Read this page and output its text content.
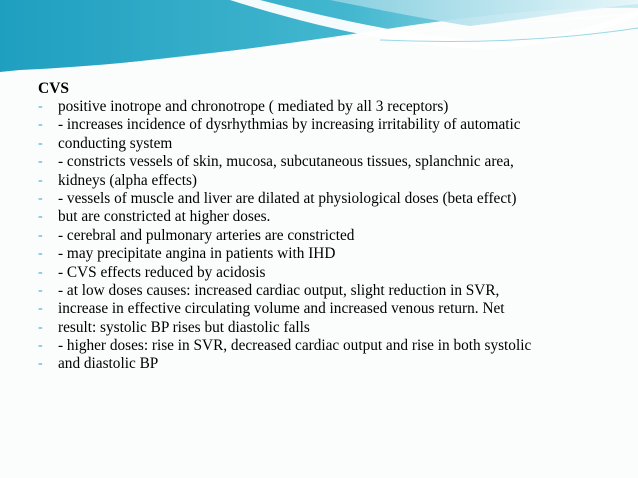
CVS
- positive inotrope and chronotrope ( mediated by all 3 receptors)
- - increases incidence of dysrhythmias by increasing irritability of automatic
- conducting system
- - constricts vessels of skin, mucosa, subcutaneous tissues, splanchnic area,
- kidneys (alpha effects)
- - vessels of muscle and liver are dilated at physiological doses (beta effect)
- but are constricted at higher doses.
- - cerebral and pulmonary arteries are constricted
- - may precipitate angina in patients with IHD
- - CVS effects reduced by acidosis
- - at low doses causes: increased cardiac output, slight reduction in SVR,
- increase in effective circulating volume and increased venous return. Net
- result: systolic BP rises but diastolic falls
- - higher doses: rise in SVR, decreased cardiac output and rise in both systolic
- and diastolic BP
